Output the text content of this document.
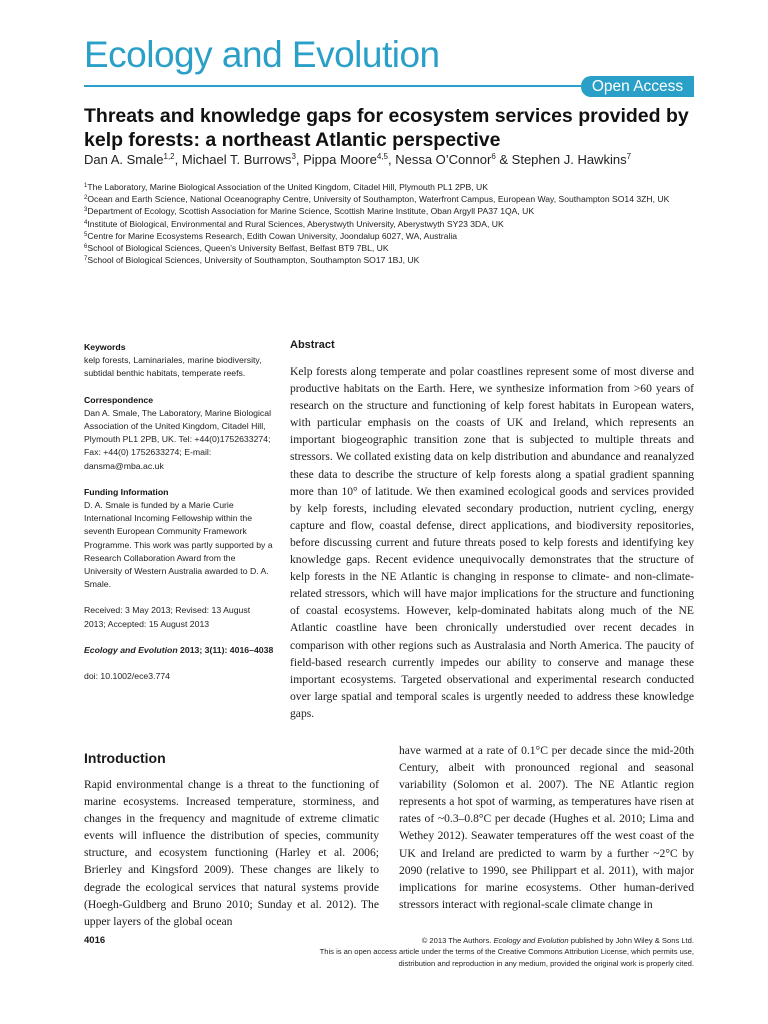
Ecology and Evolution
Open Access
Threats and knowledge gaps for ecosystem services provided by kelp forests: a northeast Atlantic perspective
Dan A. Smale$^{1,2}$, Michael T. Burrows$^3$, Pippa Moore$^{4,5}$, Nessa O’Connor$^6$ & Stephen J. Hawkins$^7$
$^1$The Laboratory, Marine Biological Association of the United Kingdom, Citadel Hill, Plymouth PL1 2PB, UK
$^2$Ocean and Earth Science, National Oceanography Centre, University of Southampton, Waterfront Campus, European Way, Southampton SO14 3ZH, UK
$^3$Department of Ecology, Scottish Association for Marine Science, Scottish Marine Institute, Oban Argyll PA37 1QA, UK
$^4$Institute of Biological, Environmental and Rural Sciences, Aberystwyth University, Aberystwyth SY23 3DA, UK
$^5$Centre for Marine Ecosystems Research, Edith Cowan University, Joondalup 6027, WA, Australia
$^6$School of Biological Sciences, Queen’s University Belfast, Belfast BT9 7BL, UK
$^7$School of Biological Sciences, University of Southampton, Southampton SO17 1BJ, UK
Keywords
kelp forests, Laminariales, marine biodiversity, subtidal benthic habitats, temperate reefs.
Correspondence
Dan A. Smale, The Laboratory, Marine Biological Association of the United Kingdom, Citadel Hill, Plymouth PL1 2PB, UK. Tel: +44(0)1752633274; Fax: +44(0) 1752633274; E-mail: dansma@mba.ac.uk
Funding Information
D. A. Smale is funded by a Marie Curie International Incoming Fellowship within the seventh European Community Framework Programme. This work was partly supported by a Research Collaboration Award from the University of Western Australia awarded to D. A. Smale.
Received: 3 May 2013; Revised: 13 August 2013; Accepted: 15 August 2013
Ecology and Evolution 2013; 3(11): 4016–4038
doi: 10.1002/ece3.774
Abstract
Kelp forests along temperate and polar coastlines represent some of most diverse and productive habitats on the Earth. Here, we synthesize information from >60 years of research on the structure and functioning of kelp forest habitats in European waters, with particular emphasis on the coasts of UK and Ireland, which represents an important biogeographic transition zone that is subjected to multiple threats and stressors. We collated existing data on kelp distribution and abundance and reanalyzed these data to describe the structure of kelp forests along a spatial gradient spanning more than 10° of latitude. We then examined ecological goods and services provided by kelp forests, including elevated secondary production, nutrient cycling, energy capture and flow, coastal defense, direct applications, and biodiversity repositories, before discussing current and future threats posed to kelp forests and identifying key knowledge gaps. Recent evidence unequivocally demonstrates that the structure of kelp forests in the NE Atlantic is changing in response to climate- and non-climate-related stressors, which will have major implications for the structure and functioning of coastal ecosystems. However, kelp-dominated habitats along much of the NE Atlantic coastline have been chronically understudied over recent decades in comparison with other regions such as Australasia and North America. The paucity of field-based research currently impedes our ability to conserve and manage these important ecosystems. Targeted observational and experimental research conducted over large spatial and temporal scales is urgently needed to address these knowledge gaps.
Introduction
Rapid environmental change is a threat to the functioning of marine ecosystems. Increased temperature, storminess, and changes in the frequency and magnitude of extreme climatic events will influence the distribution of species, community structure, and ecosystem functioning (Harley et al. 2006; Brierley and Kingsford 2009). These changes are likely to degrade the ecological services that natural systems provide (Hoegh-Guldberg and Bruno 2010; Sunday et al. 2012). The upper layers of the global ocean
have warmed at a rate of 0.1°C per decade since the mid-20th Century, albeit with pronounced regional and seasonal variability (Solomon et al. 2007). The NE Atlantic region represents a hot spot of warming, as temperatures have risen at rates of ~0.3–0.8°C per decade (Hughes et al. 2010; Lima and Wethey 2012). Seawater temperatures off the west coast of the UK and Ireland are predicted to warm by a further ~2°C by 2090 (relative to 1990, see Philippart et al. 2011), with major implications for marine ecosystems. Other human-derived stressors interact with regional-scale climate change in
4016	© 2013 The Authors. Ecology and Evolution published by John Wiley & Sons Ltd.
This is an open access article under the terms of the Creative Commons Attribution License, which permits use,
distribution and reproduction in any medium, provided the original work is properly cited.
